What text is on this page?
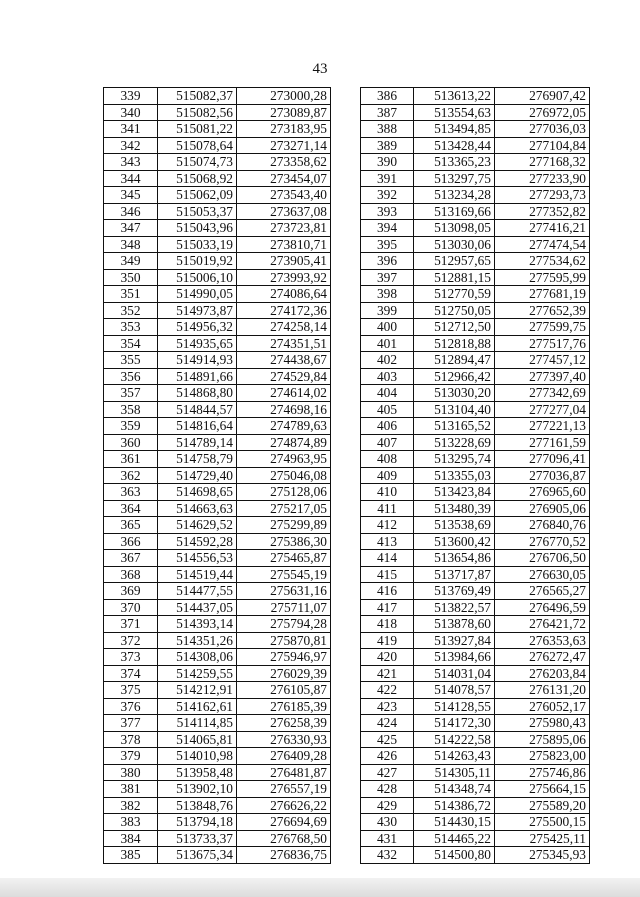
43
339	515082,37	273000,28
340	515082,56	273089,87
341	515081,22	273183,95
342	515078,64	273271,14
343	515074,73	273358,62
344	515068,92	273454,07
345	515062,09	273543,40
346	515053,37	273637,08
347	515043,96	273723,81
348	515033,19	273810,71
349	515019,92	273905,41
350	515006,10	273993,92
351	514990,05	274086,64
352	514973,87	274172,36
353	514956,32	274258,14
354	514935,65	274351,51
355	514914,93	274438,67
356	514891,66	274529,84
357	514868,80	274614,02
358	514844,57	274698,16
359	514816,64	274789,63
360	514789,14	274874,89
361	514758,79	274963,95
362	514729,40	275046,08
363	514698,65	275128,06
364	514663,63	275217,05
365	514629,52	275299,89
366	514592,28	275386,30
367	514556,53	275465,87
368	514519,44	275545,19
369	514477,55	275631,16
370	514437,05	275711,07
371	514393,14	275794,28
372	514351,26	275870,81
373	514308,06	275946,97
374	514259,55	276029,39
375	514212,91	276105,87
376	514162,61	276185,39
377	514114,85	276258,39
378	514065,81	276330,93
379	514010,98	276409,28
380	513958,48	276481,87
381	513902,10	276557,19
382	513848,76	276626,22
383	513794,18	276694,69
384	513733,37	276768,50
385	513675,34	276836,75
386	513613,22	276907,42
387	513554,63	276972,05
388	513494,85	277036,03
389	513428,44	277104,84
390	513365,23	277168,32
391	513297,75	277233,90
392	513234,28	277293,73
393	513169,66	277352,82
394	513098,05	277416,21
395	513030,06	277474,54
396	512957,65	277534,62
397	512881,15	277595,99
398	512770,59	277681,19
399	512750,05	277652,39
400	512712,50	277599,75
401	512818,88	277517,76
402	512894,47	277457,12
403	512966,42	277397,40
404	513030,20	277342,69
405	513104,40	277277,04
406	513165,52	277221,13
407	513228,69	277161,59
408	513295,74	277096,41
409	513355,03	277036,87
410	513423,84	276965,60
411	513480,39	276905,06
412	513538,69	276840,76
413	513600,42	276770,52
414	513654,86	276706,50
415	513717,87	276630,05
416	513769,49	276565,27
417	513822,57	276496,59
418	513878,60	276421,72
419	513927,84	276353,63
420	513984,66	276272,47
421	514031,04	276203,84
422	514078,57	276131,20
423	514128,55	276052,17
424	514172,30	275980,43
425	514222,58	275895,06
426	514263,43	275823,00
427	514305,11	275746,86
428	514348,74	275664,15
429	514386,72	275589,20
430	514430,15	275500,15
431	514465,22	275425,11
432	514500,80	275345,93
